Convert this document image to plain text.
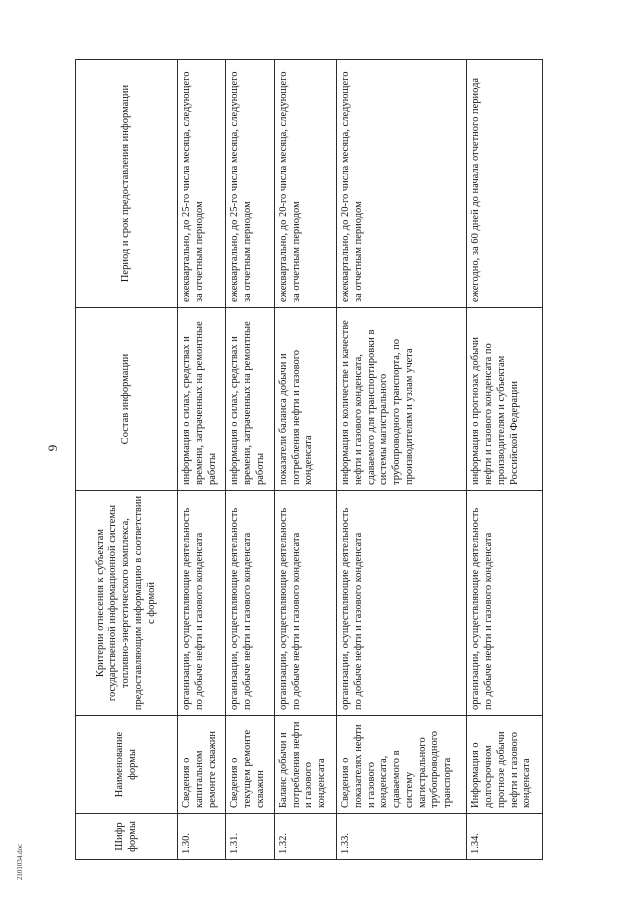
9
2101034.doc
Шифр формы	Наименование формы	Критерии отнесения к субъектам государственной информационной системы топливно-энергетического комплекса, предоставляющим информацию в соответствии с формой	Состав информации	Период и срок предоставления информации
1.30.	Сведения о капитальном ремонте скважин	организации, осуществляющие деятельность по добыче нефти и газового конденсата	информация о силах, средствах и времени, затраченных на ремонтные работы	ежеквартально, до 25-го числа месяца, следующего за отчетным периодом
1.31.	Сведения о текущем ремонте скважин	организации, осуществляющие деятельность по добыче нефти и газового конденсата	информация о силах, средствах и времени, затраченных на ремонтные работы	ежеквартально, до 25-го числа месяца, следующего за отчетным периодом
1.32.	Баланс добычи и потребления нефти и газового конденсата	организации, осуществляющие деятельность по добыче нефти и газового конденсата	показатели баланса добычи и потребления нефти и газового конденсата	ежеквартально, до 20-го числа месяца, следующего за отчетным периодом
1.33.	Сведения о показателях нефти и газового конденсата, сдаваемого в систему магистрального трубопроводного транспорта	организации, осуществляющие деятельность по добыче нефти и газового конденсата	информация о количестве и качестве нефти и газового конденсата, сдаваемого для транспортировки в системы магистрального трубопроводного транспорта, по производителям и узлам учета	ежеквартально, до 20-го числа месяца, следующего за отчетным периодом
1.34.	Информация о долгосрочном прогнозе добычи нефти и газового конденсата	организации, осуществляющие деятельность по добыче нефти и газового конденсата	информация о прогнозах добычи нефти и газового конденсата по производителям и субъектам Российской Федерации	ежегодно, за 60 дней до начала отчетного периода
